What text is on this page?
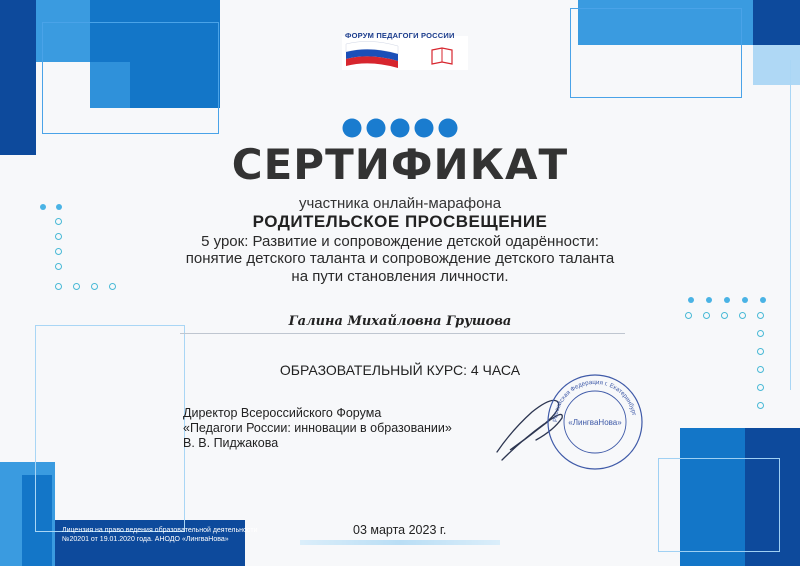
ФОРУМ ПЕДАГОГИ РОССИИ
СЕРТИФИКАТ
участника онлайн-марафона
РОДИТЕЛЬСКОЕ ПРОСВЕЩЕНИЕ
5 урок: Развитие и сопровождение детской одарённости:
понятие детского таланта и сопровождение детского таланта
на пути становления личности.
Галина Михайловна Грушова
ОБРАЗОВАТЕЛЬНЫЙ КУРС: 4 ЧАСА
Директор Всероссийского Форума
«Педагоги России: инновации в образовании»
В. В. Пиджакова
Российская Федерация г. Екатеринбург
«ЛингваНова»
03 марта 2023 г.
Лицензия на право ведения образовательной деятельности №20201 от 19.01.2020 года. АНОДО «ЛингваНова»
